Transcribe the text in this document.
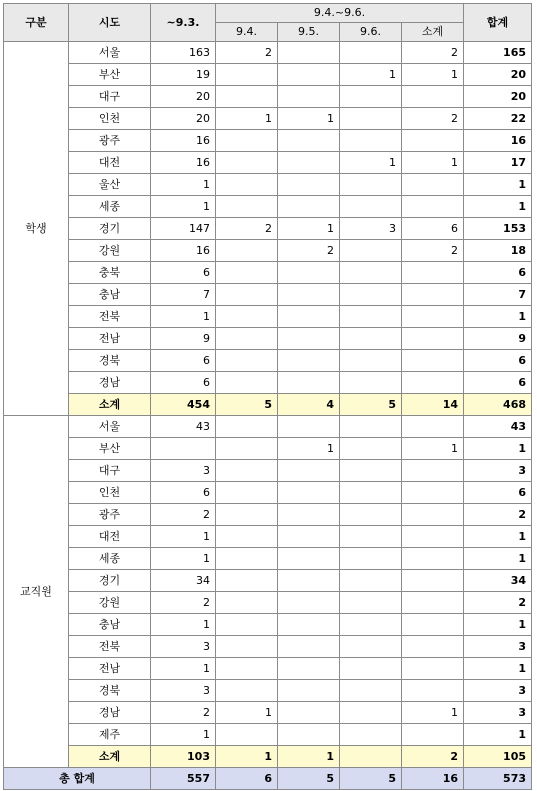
구분	시도	~9.3.	9.4.~9.6.				합계
			9.4.	9.5.	9.6.	소계	
학생	서울	163	2			2	165
	부산	19			1	1	20
	대구	20					20
	인천	20	1	1		2	22
	광주	16					16
	대전	16			1	1	17
	울산	1					1
	세종	1					1
	경기	147	2	1	3	6	153
	강원	16		2		2	18
	충북	6					6
	충남	7					7
	전북	1					1
	전남	9					9
	경북	6					6
	경남	6					6
	소계	454	5	4	5	14	468
교직원	서울	43					43
	부산			1		1	1
	대구	3					3
	인천	6					6
	광주	2					2
	대전	1					1
	세종	1					1
	경기	34					34
	강원	2					2
	충남	1					1
	전북	3					3
	전남	1					1
	경북	3					3
	경남	2	1			1	3
	제주	1					1
	소계	103	1	1		2	105
총 합계		557	6	5	5	16	573
